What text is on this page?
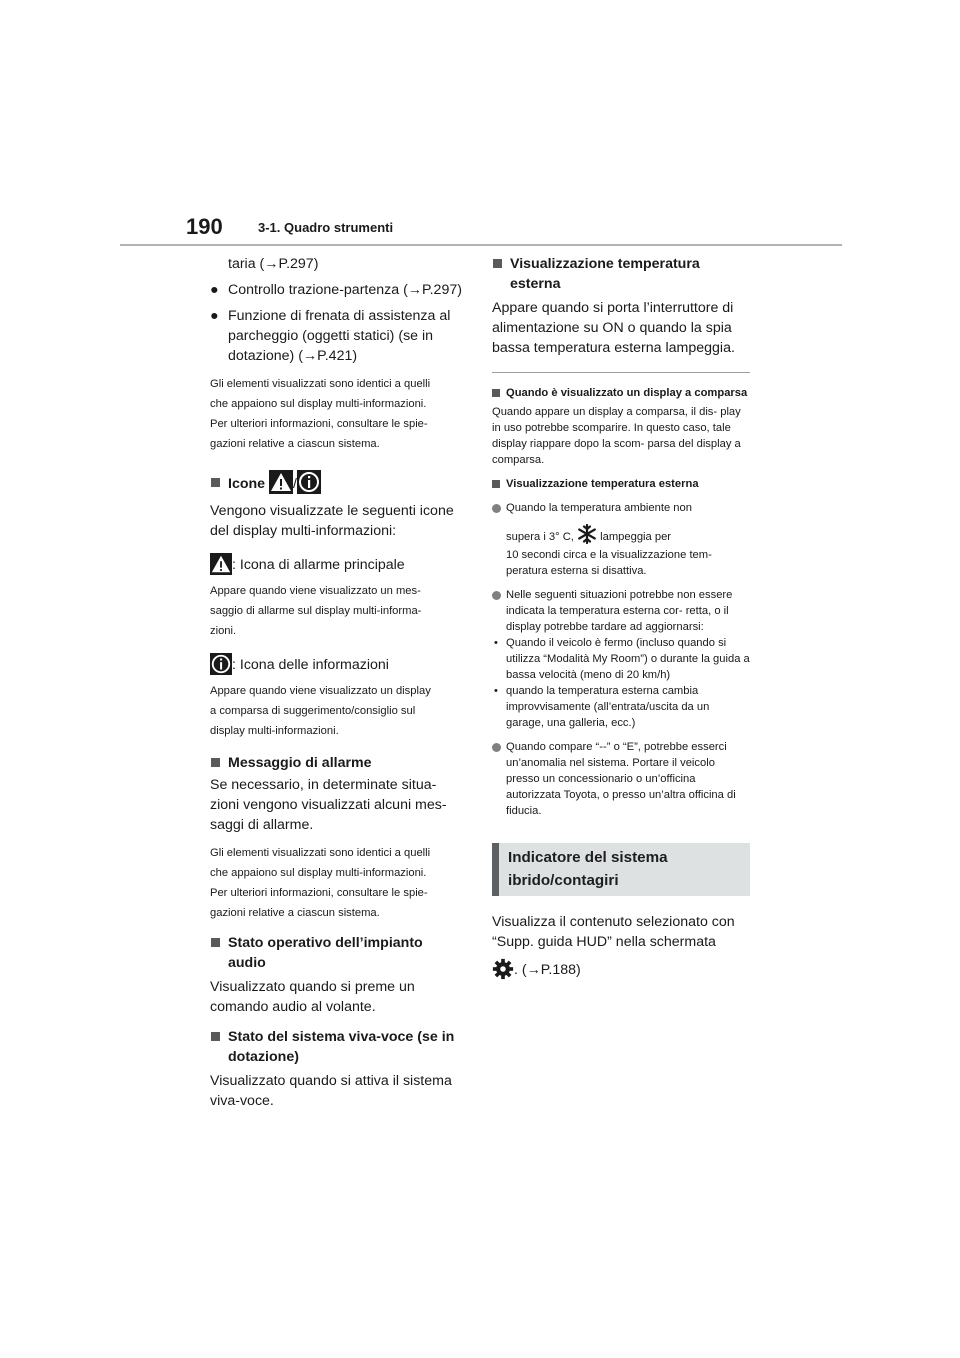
190	3-1. Quadro strumenti

taria (→P.297)

● Controllo trazione-partenza (→P.297)

● Funzione di frenata di assistenza al parcheggio (oggetti statici) (se in dotazione) (→P.421)

Gli elementi visualizzati sono identici a quelli
che appaiono sul display multi-informazioni.
Per ulteriori informazioni, consultare le spie-
gazioni relative a ciascun sistema.

Icone /

Vengono visualizzate le seguenti icone del display multi-informazioni:

: Icona di allarme principale

Appare quando viene visualizzato un mes-
saggio di allarme sul display multi-informa-
zioni.

: Icona delle informazioni

Appare quando viene visualizzato un display
a comparsa di suggerimento/consiglio sul
display multi-informazioni.

Messaggio di allarme

Se necessario, in determinate situa- zioni vengono visualizzati alcuni mes- saggi di allarme.

Gli elementi visualizzati sono identici a quelli
che appaiono sul display multi-informazioni.
Per ulteriori informazioni, consultare le spie-
gazioni relative a ciascun sistema.

Stato operativo dell’impianto audio

Visualizzato quando si preme un comando audio al volante.

Stato del sistema viva-voce (se in dotazione)

Visualizzato quando si attiva il sistema viva-voce.

Visualizzazione temperatura esterna

Appare quando si porta l’interruttore di alimentazione su ON o quando la spia bassa temperatura esterna lampeggia.

Quando è visualizzato un display a comparsa

Quando appare un display a comparsa, il dis- play in uso potrebbe scomparire. In questo caso, tale display riappare dopo la scom- parsa del display a comparsa.

Visualizzazione temperatura esterna

Quando la temperatura ambiente non
supera i 3° C, lampeggia per
10 secondi circa e la visualizzazione tem- peratura esterna si disattiva.
Nelle seguenti situazioni potrebbe non essere indicata la temperatura esterna cor- retta, o il display potrebbe tardare ad aggiornarsi:
• Quando il veicolo è fermo (incluso quando si utilizza “Modalità My Room”) o durante la guida a bassa velocità (meno di 20 km/h)
• quando la temperatura esterna cambia improvvisamente (all’entrata/uscita da un garage, una galleria, ecc.)
Quando compare “--” o “E”, potrebbe esserci un’anomalia nel sistema. Portare il veicolo presso un concessionario o un’officina autorizzata Toyota, o presso un’altra officina di fiducia.
Indicatore del sistema
ibrido/contagiri

Visualizza il contenuto selezionato con “Supp. guida HUD” nella schermata

. (→P.188)
